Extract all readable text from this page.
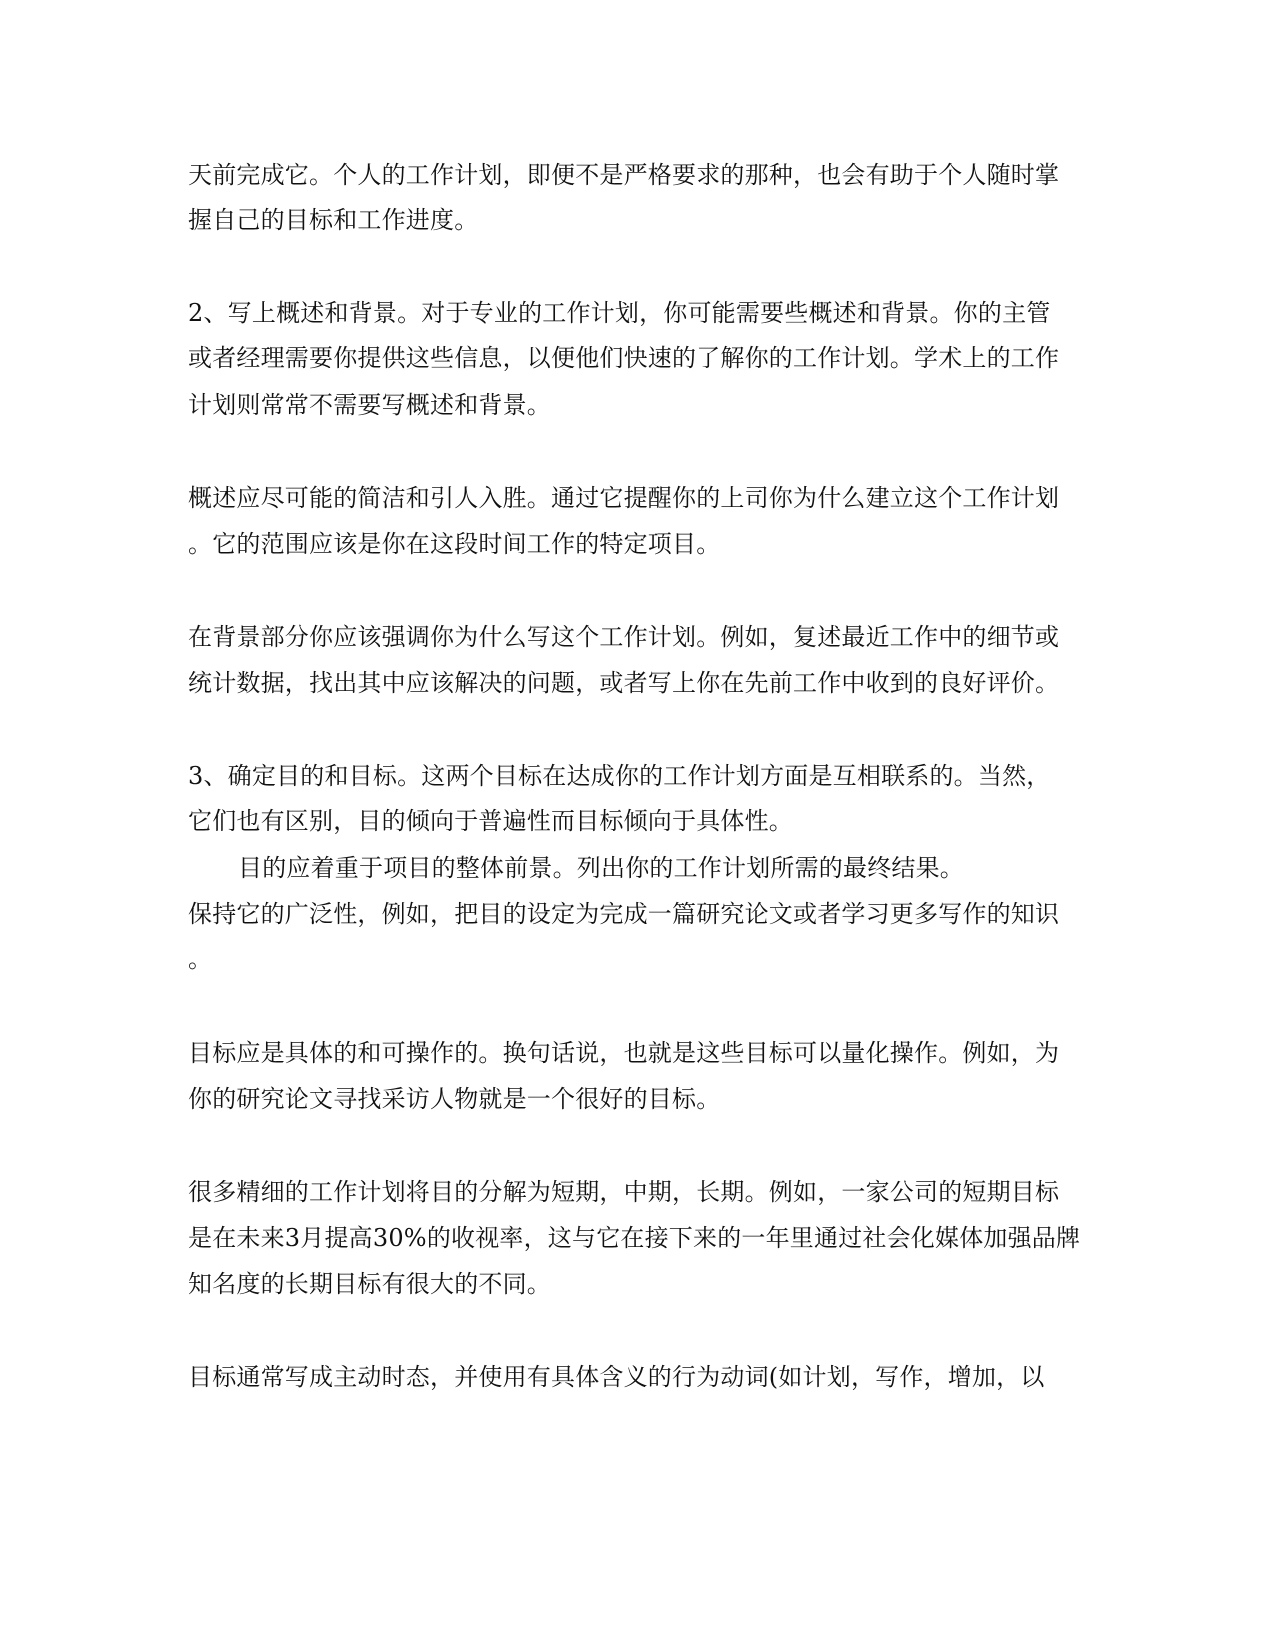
天前完成它。个人的工作计划，即便不是严格要求的那种，也会有助于个人随时掌
握自己的目标和工作进度。
2、写上概述和背景。对于专业的工作计划，你可能需要些概述和背景。你的主管
或者经理需要你提供这些信息，以便他们快速的了解你的工作计划。学术上的工作
计划则常常不需要写概述和背景。
概述应尽可能的简洁和引人入胜。通过它提醒你的上司你为什么建立这个工作计划
。它的范围应该是你在这段时间工作的特定项目。
在背景部分你应该强调你为什么写这个工作计划。例如，复述最近工作中的细节或
统计数据，找出其中应该解决的问题，或者写上你在先前工作中收到的良好评价。
3、确定目的和目标。这两个目标在达成你的工作计划方面是互相联系的。当然，
它们也有区别，目的倾向于普遍性而目标倾向于具体性。
目的应着重于项目的整体前景。列出你的工作计划所需的最终结果。
保持它的广泛性，例如，把目的设定为完成一篇研究论文或者学习更多写作的知识
。
目标应是具体的和可操作的。换句话说，也就是这些目标可以量化操作。例如，为
你的研究论文寻找采访人物就是一个很好的目标。
很多精细的工作计划将目的分解为短期，中期，长期。例如，一家公司的短期目标
是在未来3月提高30%的收视率，这与它在接下来的一年里通过社会化媒体加强品牌
知名度的长期目标有很大的不同。
目标通常写成主动时态，并使用有具体含义的行为动词(如计划，写作，增加，以
